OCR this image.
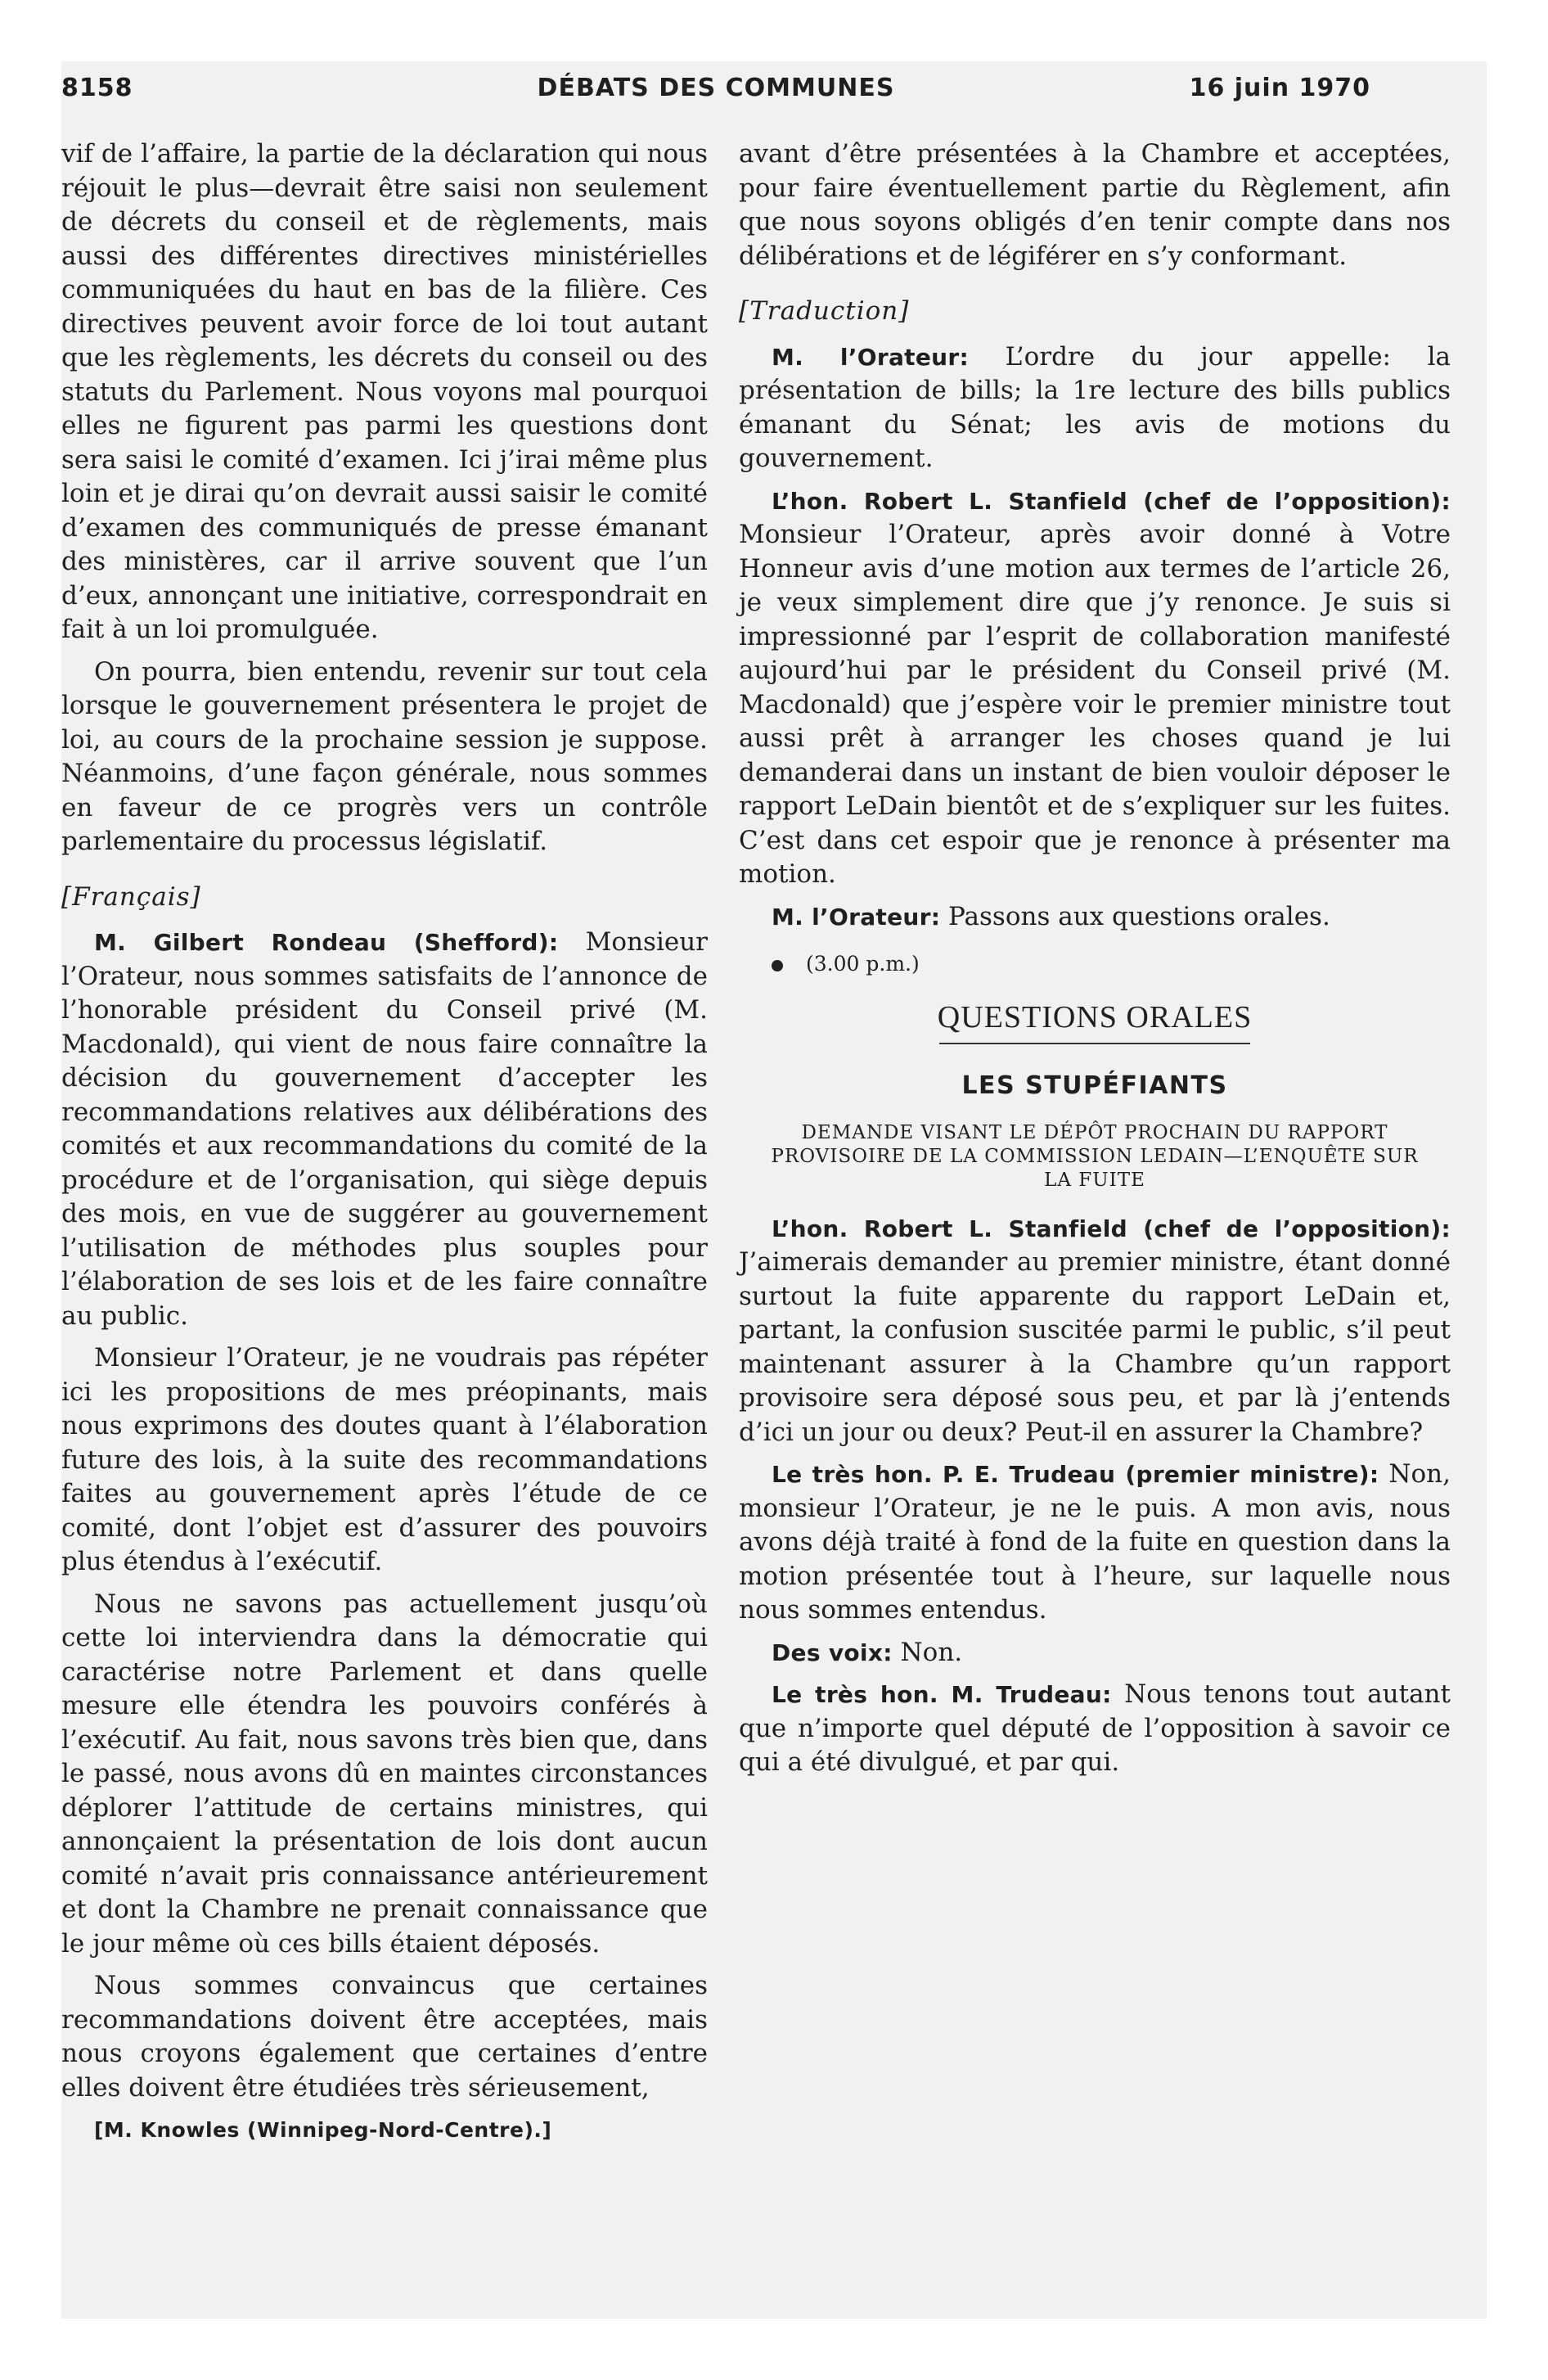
8158	DÉBATS DES COMMUNES	16 juin 1970

vif de l’affaire, la partie de la déclaration qui nous réjouit le plus—devrait être saisi non seulement de décrets du conseil et de règlements, mais aussi des différentes directives ministérielles communiquées du haut en bas de la filière. Ces directives peuvent avoir force de loi tout autant que les règlements, les décrets du conseil ou des statuts du Parlement. Nous voyons mal pourquoi elles ne figurent pas parmi les questions dont sera saisi le comité d’examen. Ici j’irai même plus loin et je dirai qu’on devrait aussi saisir le comité d’examen des communiqués de presse émanant des ministères, car il arrive souvent que l’un d’eux, annonçant une initiative, correspondrait en fait à un loi promulguée.

On pourra, bien entendu, revenir sur tout cela lorsque le gouvernement présentera le projet de loi, au cours de la prochaine session je suppose. Néanmoins, d’une façon générale, nous sommes en faveur de ce progrès vers un contrôle parlementaire du processus législatif.

[Français]

M. Gilbert Rondeau (Shefford): Monsieur l’Orateur, nous sommes satisfaits de l’annonce de l’honorable président du Conseil privé (M. Macdonald), qui vient de nous faire connaître la décision du gouvernement d’accepter les recommandations relatives aux délibérations des comités et aux recommandations du comité de la procédure et de l’organisation, qui siège depuis des mois, en vue de suggérer au gouvernement l’utilisation de méthodes plus souples pour l’élaboration de ses lois et de les faire connaître au public.

Monsieur l’Orateur, je ne voudrais pas répéter ici les propositions de mes préopinants, mais nous exprimons des doutes quant à l’élaboration future des lois, à la suite des recommandations faites au gouvernement après l’étude de ce comité, dont l’objet est d’assurer des pouvoirs plus étendus à l’exécutif.

Nous ne savons pas actuellement jusqu’où cette loi interviendra dans la démocratie qui caractérise notre Parlement et dans quelle mesure elle étendra les pouvoirs conférés à l’exécutif. Au fait, nous savons très bien que, dans le passé, nous avons dû en maintes circonstances déplorer l’attitude de certains ministres, qui annonçaient la présentation de lois dont aucun comité n’avait pris connaissance antérieurement et dont la Chambre ne prenait connaissance que le jour même où ces bills étaient déposés.

Nous sommes convaincus que certaines recommandations doivent être acceptées, mais nous croyons également que certaines d’entre elles doivent être étudiées très sérieusement,

[M. Knowles (Winnipeg-Nord-Centre).]

avant d’être présentées à la Chambre et acceptées, pour faire éventuellement partie du Règlement, afin que nous soyons obligés d’en tenir compte dans nos délibérations et de légiférer en s’y conformant.

[Traduction]

M. l’Orateur: L’ordre du jour appelle: la présentation de bills; la 1re lecture des bills publics émanant du Sénat; les avis de motions du gouvernement.

L’hon. Robert L. Stanfield (chef de l’opposition): Monsieur l’Orateur, après avoir donné à Votre Honneur avis d’une motion aux termes de l’article 26, je veux simplement dire que j’y renonce. Je suis si impressionné par l’esprit de collaboration manifesté aujourd’hui par le président du Conseil privé (M. Macdonald) que j’espère voir le premier ministre tout aussi prêt à arranger les choses quand je lui demanderai dans un instant de bien vouloir déposer le rapport LeDain bientôt et de s’expliquer sur les fuites. C’est dans cet espoir que je renonce à présenter ma motion.

M. l’Orateur: Passons aux questions orales.

(3.00 p.m.)

QUESTIONS ORALES
LES STUPÉFIANTS
DEMANDE VISANT LE DÉPÔT PROCHAIN DU RAPPORT PROVISOIRE DE LA COMMISSION LEDAIN—L’ENQUÊTE SUR LA FUITE

L’hon. Robert L. Stanfield (chef de l’opposition): J’aimerais demander au premier ministre, étant donné surtout la fuite apparente du rapport LeDain et, partant, la confusion suscitée parmi le public, s’il peut maintenant assurer à la Chambre qu’un rapport provisoire sera déposé sous peu, et par là j’entends d’ici un jour ou deux? Peut-il en assurer la Chambre?

Le très hon. P. E. Trudeau (premier ministre): Non, monsieur l’Orateur, je ne le puis. A mon avis, nous avons déjà traité à fond de la fuite en question dans la motion présentée tout à l’heure, sur laquelle nous nous sommes entendus.

Des voix: Non.

Le très hon. M. Trudeau: Nous tenons tout autant que n’importe quel député de l’opposition à savoir ce qui a été divulgué, et par qui.
